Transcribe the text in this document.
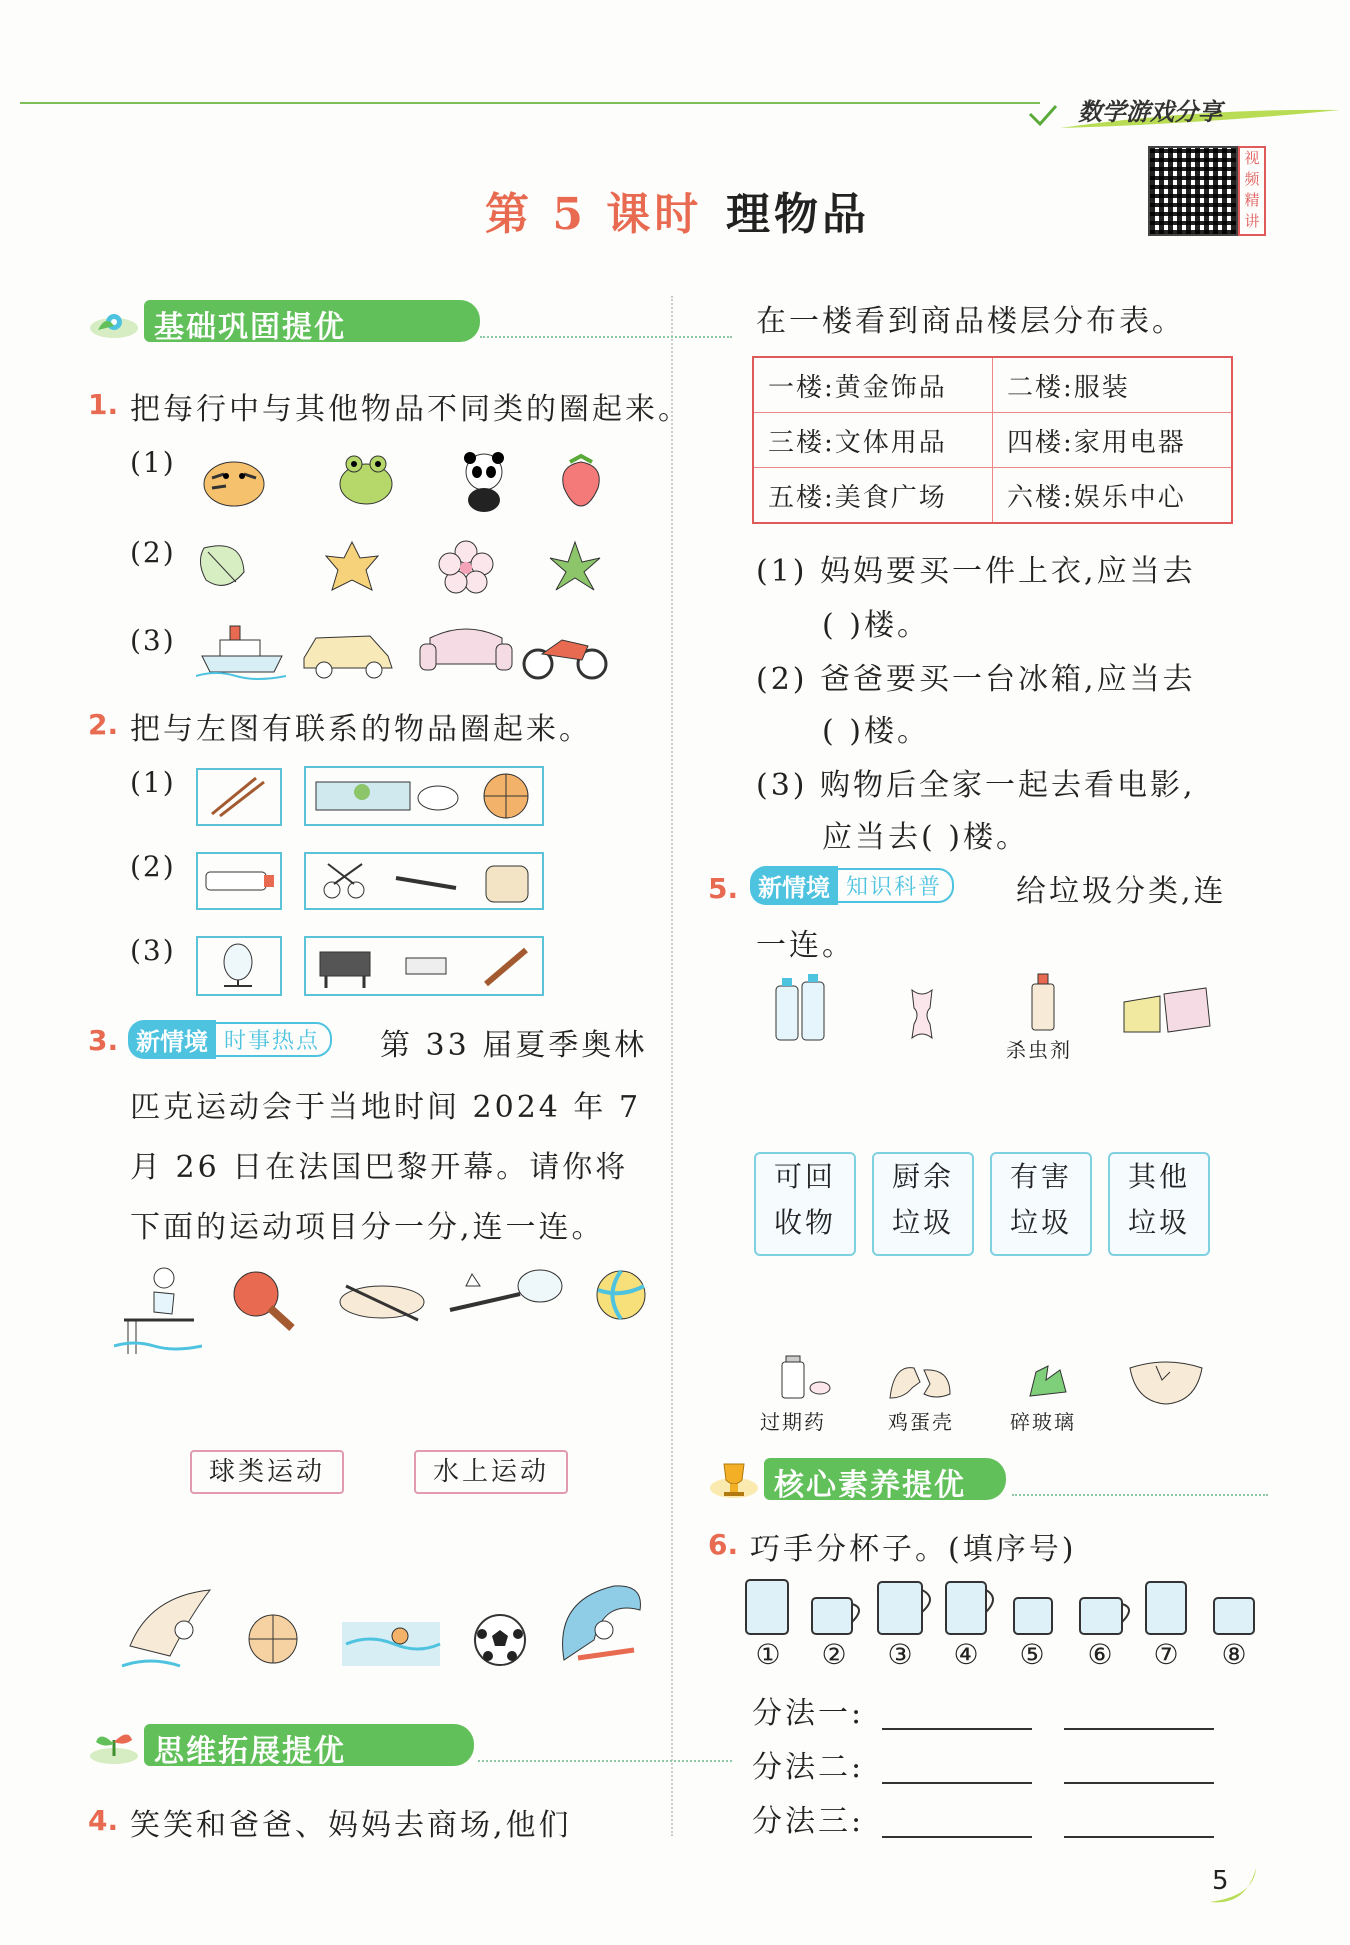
数学游戏分享
视频精讲
第 5 课时 理物品
基础巩固提优
1. 把每行中与其他物品不同类的圈起来。
(1)
(2)
(3)
2. 把与左图有联系的物品圈起来。
(1)
(2)
(3)
3. 新情境 时事热点	第 33 届夏季奥林
匹克运动会于当地时间 2024 年 7
月 26 日在法国巴黎开幕。请你将
下面的运动项目分一分,连一连。
球类运动	水上运动
思维拓展提优
4. 笑笑和爸爸、妈妈去商场,他们
在一楼看到商品楼层分布表。
一楼:黄金饰品	二楼:服装
三楼:文体用品	四楼:家用电器
五楼:美食广场	六楼:娱乐中心
(1) 妈妈要买一件上衣,应当去
( )楼。
(2) 爸爸要买一台冰箱,应当去
( )楼。
(3) 购物后全家一起去看电影,
应当去( )楼。
5. 新情境 知识科普	给垃圾分类,连
一连。
杀虫剂
可回
收物
厨余
垃圾
有害
垃圾
其他
垃圾
过期药	鸡蛋壳	碎玻璃
核心素养提优
6. 巧手分杯子。(填序号)
① ② ③ ④ ⑤ ⑥ ⑦ ⑧
分法一:
分法二:
分法三:
5
